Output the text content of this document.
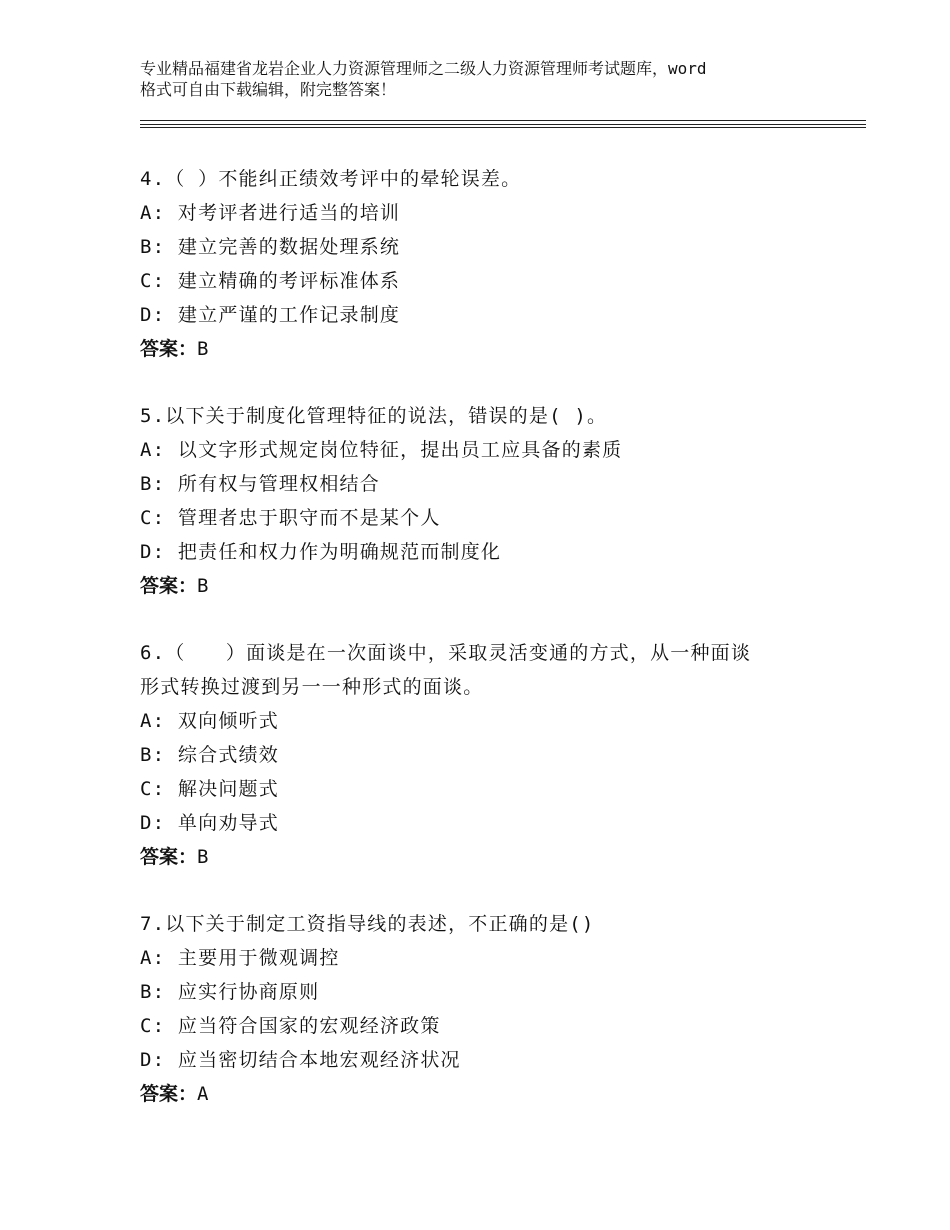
专业精品福建省龙岩企业人力资源管理师之二级人力资源管理师考试题库，word
格式可自由下载编辑，附完整答案！
4.（ ）不能纠正绩效考评中的晕轮误差。
A: 对考评者进行适当的培训
B: 建立完善的数据处理系统
C: 建立精确的考评标准体系
D: 建立严谨的工作记录制度
答案：B
5.以下关于制度化管理特征的说法，错误的是( )。
A: 以文字形式规定岗位特征，提出员工应具备的素质
B: 所有权与管理权相结合
C: 管理者忠于职守而不是某个人
D: 把责任和权力作为明确规范而制度化
答案：B
6.（　　）面谈是在一次面谈中，采取灵活变通的方式，从一种面谈
形式转换过渡到另一一种形式的面谈。
A: 双向倾听式
B: 综合式绩效
C: 解决问题式
D: 单向劝导式
答案：B
7.以下关于制定工资指导线的表述，不正确的是()
A: 主要用于微观调控
B: 应实行协商原则
C: 应当符合国家的宏观经济政策
D: 应当密切结合本地宏观经济状况
答案：A
